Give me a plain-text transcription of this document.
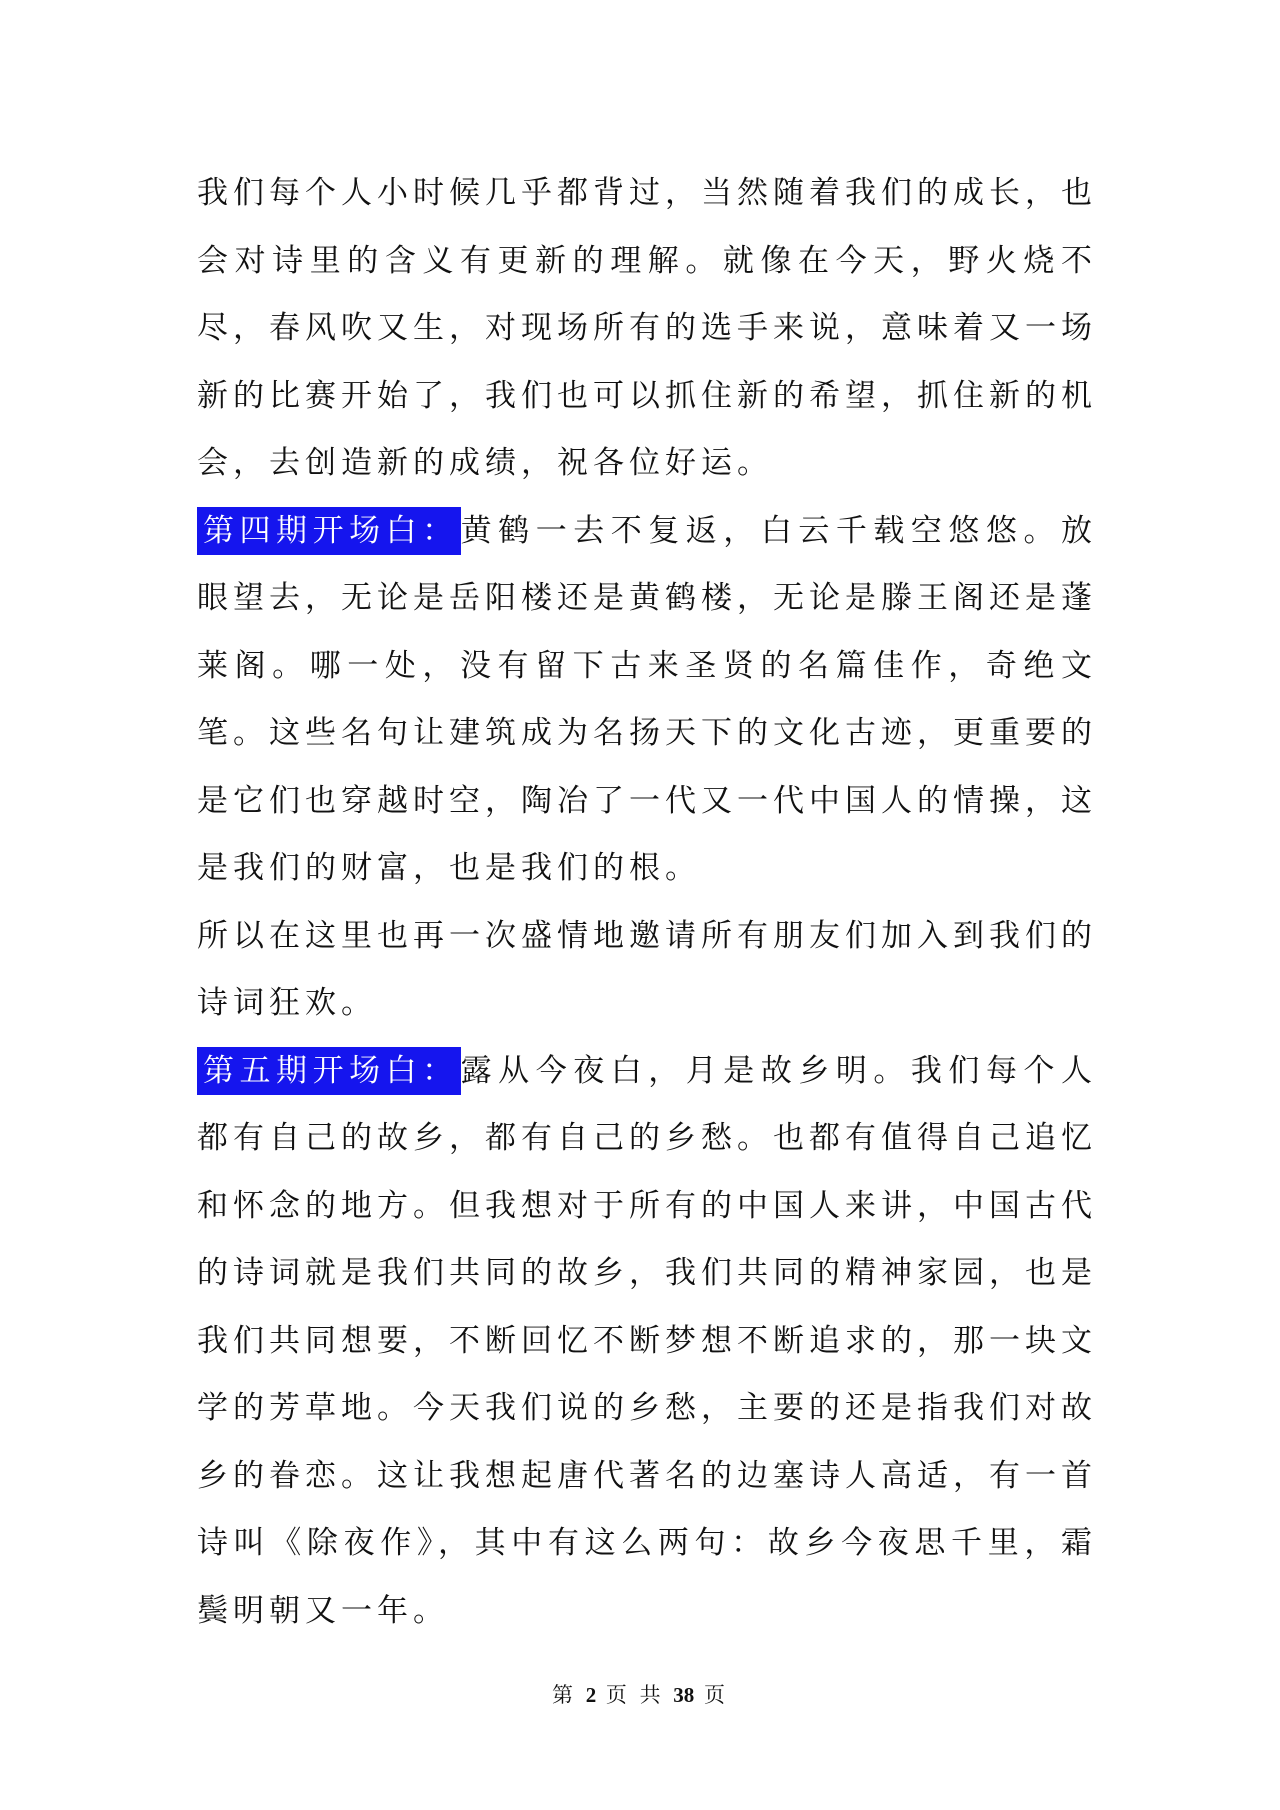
我们每个人小时候几乎都背过，当然随着我们的成长，也会对诗里的含义有更新的理解。就像在今天，野火烧不尽，春风吹又生，对现场所有的选手来说，意味着又一场新的比赛开始了，我们也可以抓住新的希望，抓住新的机会，去创造新的成绩，祝各位好运。

第四期开场白：黄鹤一去不复返，白云千载空悠悠。放眼望去，无论是岳阳楼还是黄鹤楼，无论是滕王阁还是蓬莱阁。哪一处，没有留下古来圣贤的名篇佳作，奇绝文笔。这些名句让建筑成为名扬天下的文化古迹，更重要的是它们也穿越时空，陶冶了一代又一代中国人的情操，这是我们的财富，也是我们的根。

所以在这里也再一次盛情地邀请所有朋友们加入到我们的诗词狂欢。

第五期开场白：露从今夜白，月是故乡明。我们每个人都有自己的故乡，都有自己的乡愁。也都有值得自己追忆和怀念的地方。但我想对于所有的中国人来讲，中国古代的诗词就是我们共同的故乡，我们共同的精神家园，也是我们共同想要，不断回忆不断梦想不断追求的，那一块文学的芳草地。今天我们说的乡愁，主要的还是指我们对故乡的眷恋。这让我想起唐代著名的边塞诗人高适，有一首诗叫《除夜作》，其中有这么两句：故乡今夜思千里，霜鬓明朝又一年。

第 2 页 共 38 页
